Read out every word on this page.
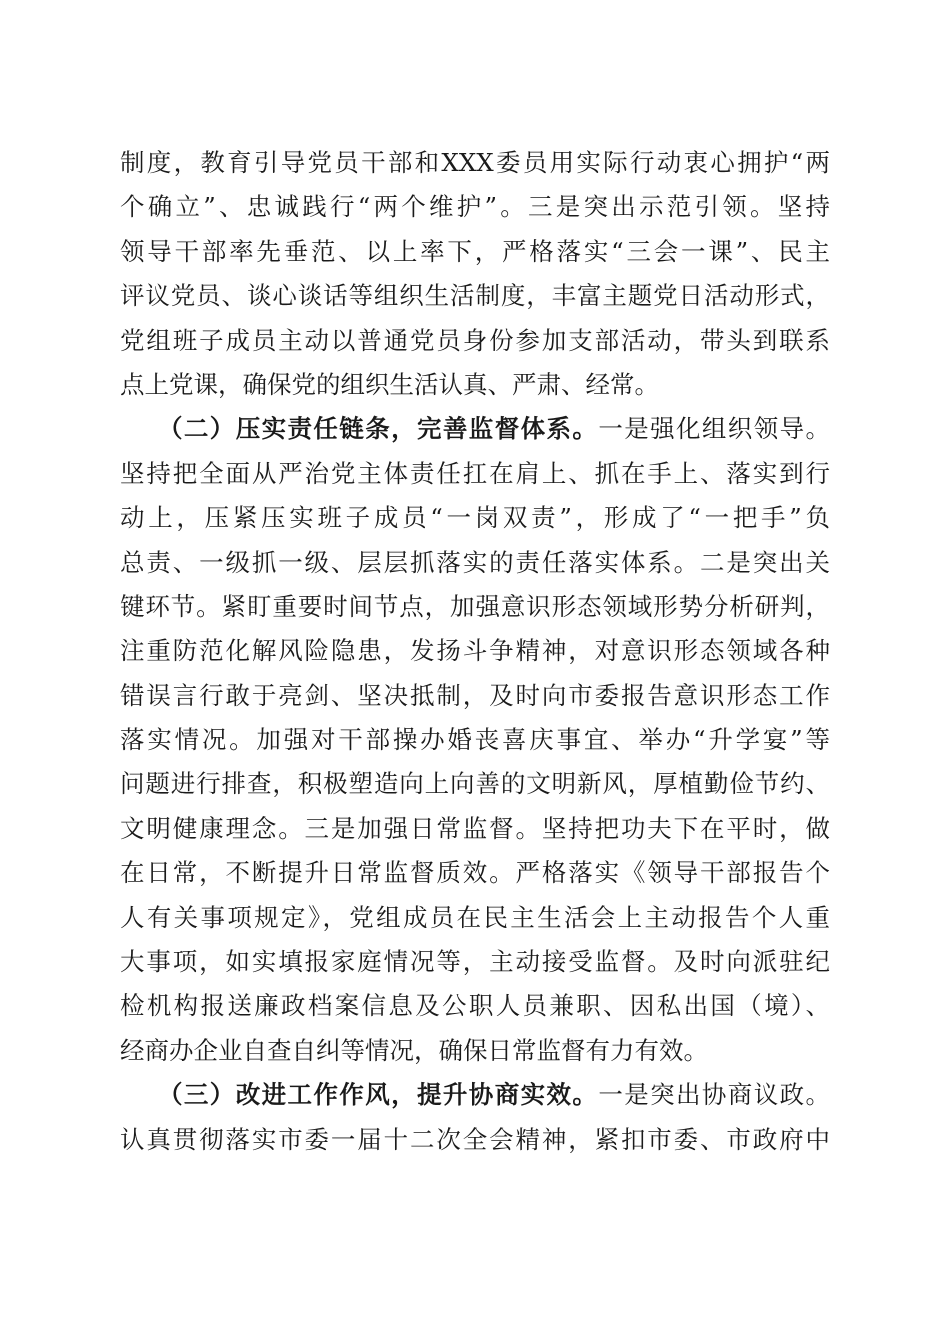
制度，教育引导党员干部和XXX委员用实际行动衷心拥护“两
个确立”、忠诚践行“两个维护”。三是突出示范引领。坚持
领导干部率先垂范、以上率下，严格落实“三会一课”、民主
评议党员、谈心谈话等组织生活制度，丰富主题党日活动形式，
党组班子成员主动以普通党员身份参加支部活动，带头到联系
点上党课，确保党的组织生活认真、严肃、经常。
（二）压实责任链条，完善监督体系。一是强化组织领导。
坚持把全面从严治党主体责任扛在肩上、抓在手上、落实到行
动上，压紧压实班子成员“一岗双责”，形成了“一把手”负
总责、一级抓一级、层层抓落实的责任落实体系。二是突出关
键环节。紧盯重要时间节点，加强意识形态领域形势分析研判，
注重防范化解风险隐患，发扬斗争精神，对意识形态领域各种
错误言行敢于亮剑、坚决抵制，及时向市委报告意识形态工作
落实情况。加强对干部操办婚丧喜庆事宜、举办“升学宴”等
问题进行排查，积极塑造向上向善的文明新风，厚植勤俭节约、
文明健康理念。三是加强日常监督。坚持把功夫下在平时，做
在日常，不断提升日常监督质效。严格落实《领导干部报告个
人有关事项规定》，党组成员在民主生活会上主动报告个人重
大事项，如实填报家庭情况等，主动接受监督。及时向派驻纪
检机构报送廉政档案信息及公职人员兼职、因私出国（境）、
经商办企业自查自纠等情况，确保日常监督有力有效。
（三）改进工作作风，提升协商实效。一是突出协商议政。
认真贯彻落实市委一届十二次全会精神，紧扣市委、市政府中
